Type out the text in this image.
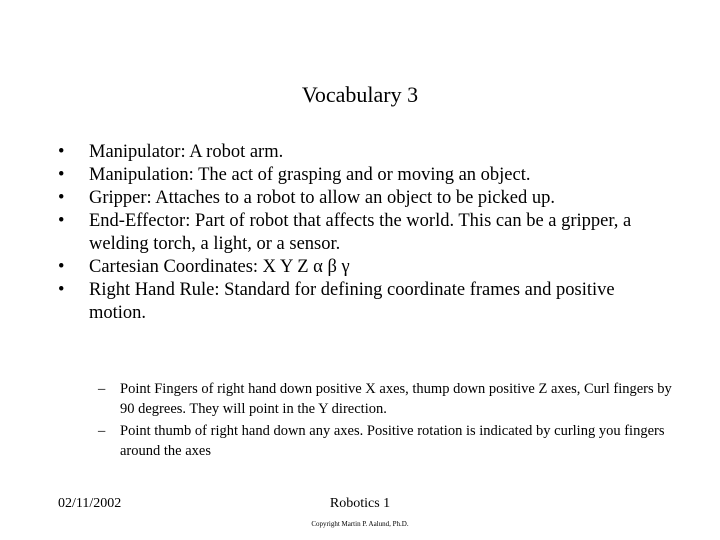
Vocabulary 3
• Manipulator: A robot arm.
• Manipulation: The act of grasping and or moving an object.
• Gripper: Attaches to a robot to allow an object to be picked up.
• End-Effector: Part of robot that affects the world. This can be a gripper, a welding torch, a light, or a sensor.
• Cartesian Coordinates: X Y Z α β γ
• Right Hand Rule: Standard for defining coordinate frames and positive motion.
– Point Fingers of right hand down positive X axes, thump down positive Z axes, Curl fingers by 90 degrees. They will point in the Y direction.
– Point thumb of right hand down any axes. Positive rotation is indicated by curling you fingers around the axes
02/11/2002	Robotics 1
Copyright Martin P. Aalund, Ph.D.
